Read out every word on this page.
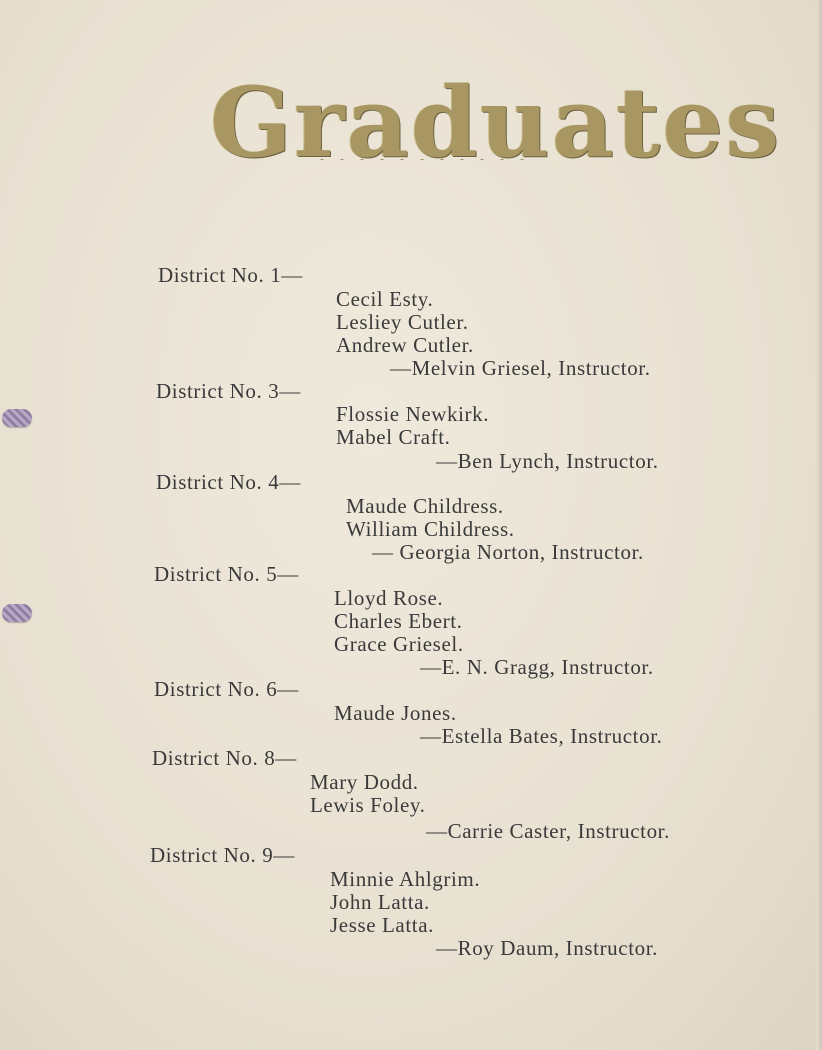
Graduates
District No. 1—
Cecil Esty.
Lesliey Cutler.
Andrew Cutler.
—Melvin Griesel, Instructor.
District No. 3—
Flossie Newkirk.
Mabel Craft.
—Ben Lynch, Instructor.
District No. 4—
Maude Childress.
William Childress.
— Georgia Norton, Instructor.
District No. 5—
Lloyd Rose.
Charles Ebert.
Grace Griesel.
—E. N. Gragg, Instructor.
District No. 6—
Maude Jones.
—Estella Bates, Instructor.
District No. 8—
Mary Dodd.
Lewis Foley.
—Carrie Caster, Instructor.
District No. 9—
Minnie Ahlgrim.
John Latta.
Jesse Latta.
—Roy Daum, Instructor.
